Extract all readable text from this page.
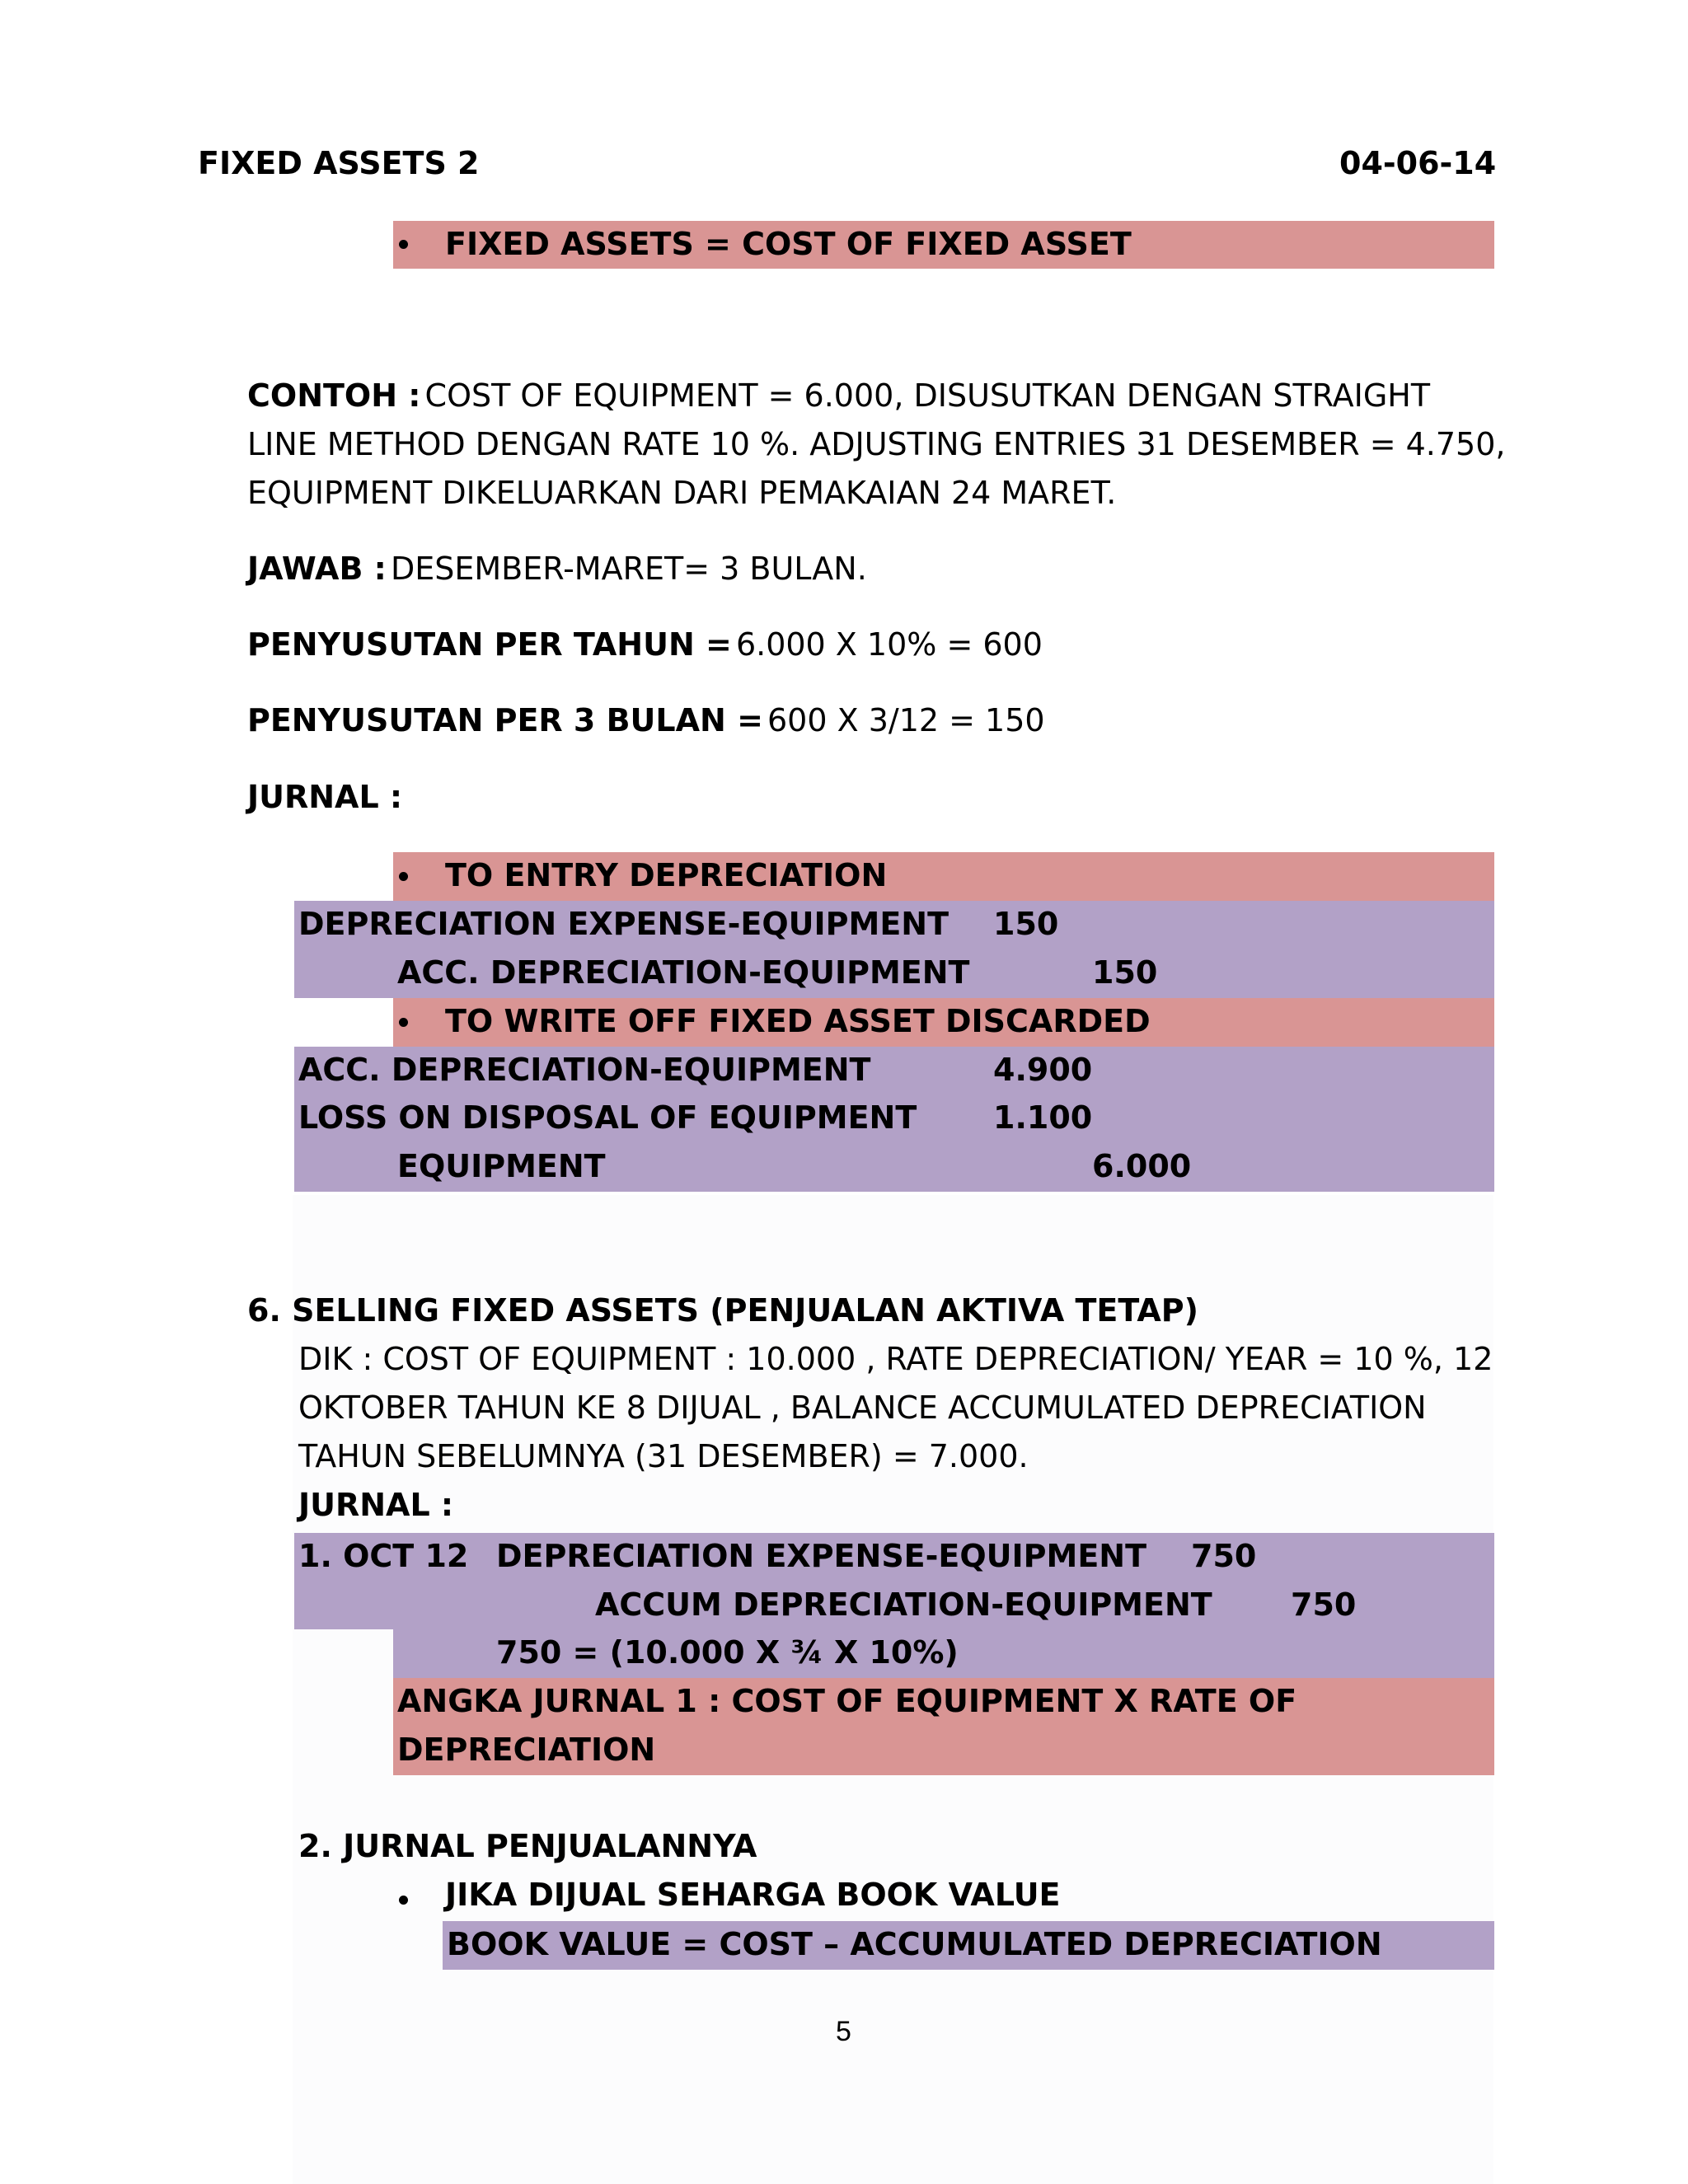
FIXED ASSETS 2	04-06-14
FIXED ASSETS = COST OF FIXED ASSET
CONTOH : COST OF EQUIPMENT = 6.000, DISUSUTKAN DENGAN STRAIGHT
LINE METHOD DENGAN RATE 10 %. ADJUSTING ENTRIES 31 DESEMBER = 4.750,
EQUIPMENT DIKELUARKAN DARI PEMAKAIAN 24 MARET.
JAWAB : DESEMBER-MARET= 3 BULAN.
PENYUSUTAN PER TAHUN = 6.000 X 10% = 600
PENYUSUTAN PER 3 BULAN = 600 X 3/12 = 150
JURNAL :
TO ENTRY DEPRECIATION
DEPRECIATION EXPENSE-EQUIPMENT 150
ACC. DEPRECIATION-EQUIPMENT	150
TO WRITE OFF FIXED ASSET DISCARDED
ACC. DEPRECIATION-EQUIPMENT	4.900
LOSS ON DISPOSAL OF EQUIPMENT 1.100
EQUIPMENT	6.000
6. SELLING FIXED ASSETS (PENJUALAN AKTIVA TETAP)
DIK : COST OF EQUIPMENT : 10.000 , RATE DEPRECIATION/ YEAR = 10 %, 12
OKTOBER TAHUN KE 8 DIJUAL , BALANCE ACCUMULATED DEPRECIATION
TAHUN SEBELUMNYA (31 DESEMBER) = 7.000.
JURNAL :
1. OCT 12 DEPRECIATION EXPENSE-EQUIPMENT 750
ACCUM DEPRECIATION-EQUIPMENT	750
750 = (10.000 X ¾ X 10%)
ANGKA JURNAL 1 : COST OF EQUIPMENT X RATE OF
DEPRECIATION
2. JURNAL PENJUALANNYA
JIKA DIJUAL SEHARGA BOOK VALUE
BOOK VALUE = COST – ACCUMULATED DEPRECIATION
5
